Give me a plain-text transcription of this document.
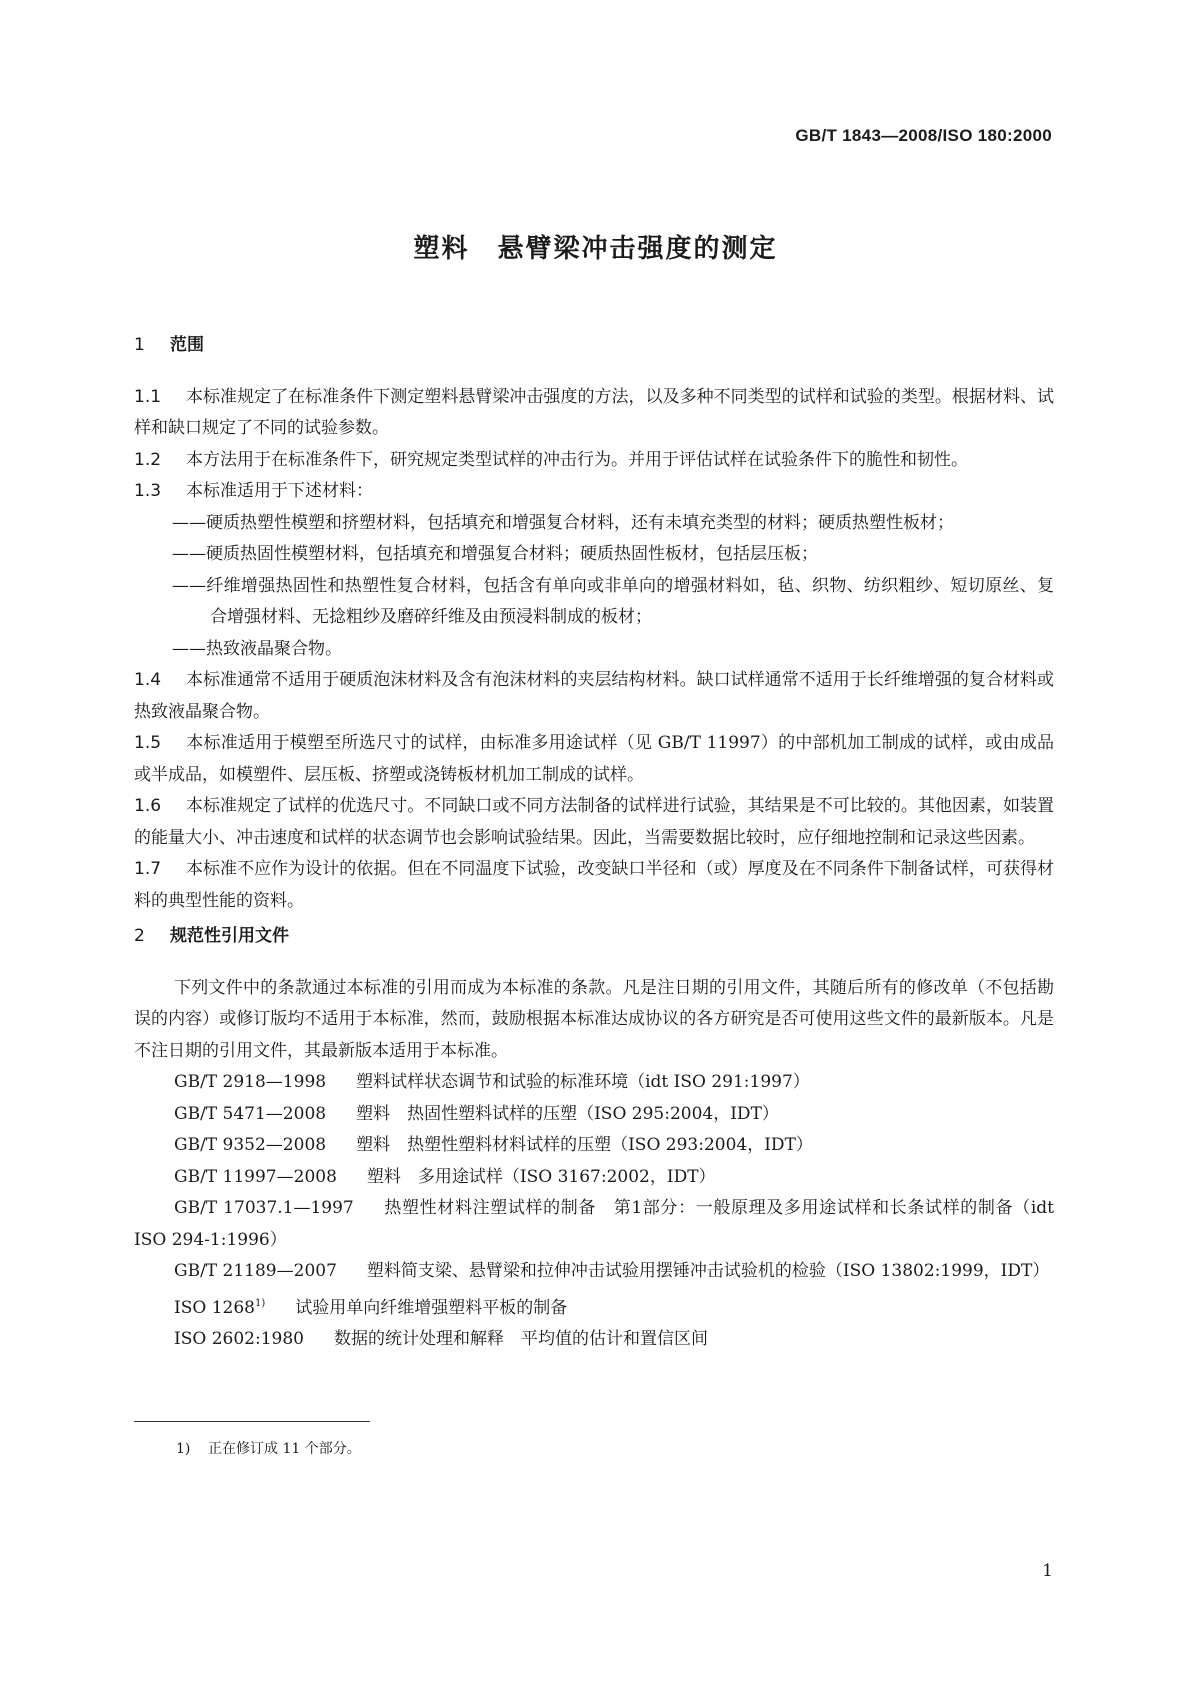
GB/T 1843—2008/ISO 180:2000
塑料　悬臂梁冲击强度的测定

1 范围

1.1 本标准规定了在标准条件下测定塑料悬臂梁冲击强度的方法，以及多种不同类型的试样和试验的类型。根据材料、试样和缺口规定了不同的试验参数。

1.2 本方法用于在标准条件下，研究规定类型试样的冲击行为。并用于评估试样在试验条件下的脆性和韧性。

1.3 本标准适用于下述材料：

——硬质热塑性模塑和挤塑材料，包括填充和增强复合材料，还有未填充类型的材料；硬质热塑性板材；

——硬质热固性模塑材料，包括填充和增强复合材料；硬质热固性板材，包括层压板；

——纤维增强热固性和热塑性复合材料，包括含有单向或非单向的增强材料如，毡、织物、纺织粗纱、短切原丝、复合增强材料、无捻粗纱及磨碎纤维及由预浸料制成的板材；

——热致液晶聚合物。

1.4 本标准通常不适用于硬质泡沫材料及含有泡沫材料的夹层结构材料。缺口试样通常不适用于长纤维增强的复合材料或热致液晶聚合物。

1.5 本标准适用于模塑至所选尺寸的试样，由标准多用途试样（见 GB/T 11997）的中部机加工制成的试样，或由成品或半成品，如模塑件、层压板、挤塑或浇铸板材机加工制成的试样。

1.6 本标准规定了试样的优选尺寸。不同缺口或不同方法制备的试样进行试验，其结果是不可比较的。其他因素，如装置的能量大小、冲击速度和试样的状态调节也会影响试验结果。因此，当需要数据比较时，应仔细地控制和记录这些因素。

1.7 本标准不应作为设计的依据。但在不同温度下试验，改变缺口半径和（或）厚度及在不同条件下制备试样，可获得材料的典型性能的资料。

2 规范性引用文件

下列文件中的条款通过本标准的引用而成为本标准的条款。凡是注日期的引用文件，其随后所有的修改单（不包括勘误的内容）或修订版均不适用于本标准，然而，鼓励根据本标准达成协议的各方研究是否可使用这些文件的最新版本。凡是不注日期的引用文件，其最新版本适用于本标准。

GB/T 2918—1998 塑料试样状态调节和试验的标准环境（idt ISO 291:1997）

GB/T 5471—2008 塑料　热固性塑料试样的压塑（ISO 295:2004，IDT）

GB/T 9352—2008 塑料　热塑性塑料材料试样的压塑（ISO 293:2004，IDT）

GB/T 11997—2008 塑料　多用途试样（ISO 3167:2002，IDT）

GB/T 17037.1—1997 热塑性材料注塑试样的制备　第1部分：一般原理及多用途试样和长条试样的制备（idt ISO 294-1:1996）

GB/T 21189—2007 塑料简支梁、悬臂梁和拉伸冲击试验用摆锤冲击试验机的检验（ISO 13802:1999，IDT）

ISO 1268$^{1)}$ 试验用单向纤维增强塑料平板的制备

ISO 2602:1980 数据的统计处理和解释　平均值的估计和置信区间

1) 正在修订成 11 个部分。
1
